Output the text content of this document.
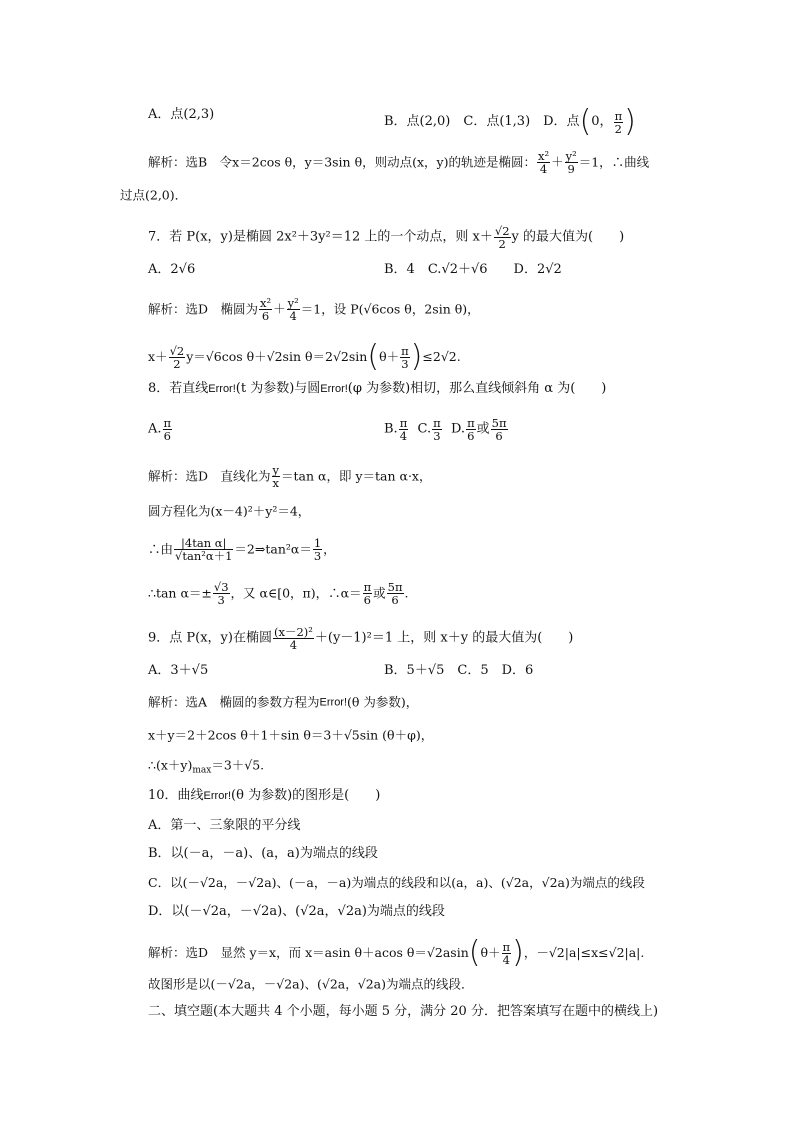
A．点(2,3)	B．点(2,0)　C．点(1,3)　D．点(0， $\frac{\pi}{2}$ )
解析：选B　令x＝2cos θ，y＝3sin θ，则动点(x，y)的轨迹是椭圆： $\frac{\text{x²}}{4} + \frac{\text{y²}}{9} =1$，∴曲线
过点(2,0)．
7．若 P(x，y)是椭圆 2x²＋3y²＝12 上的一个动点，则 $x+ \frac{√2}{2}$ y 的最大值为(　　)
A．2√6	B．4　C.√2＋√6　　D．2√2
解析：选D　椭圆为 $\frac{\text{x²}}{6} + \frac{\text{y²}}{4} =1$，设 P(√6cos θ，2sin θ)，
$x+ \frac{√2}{2} y=√6\cos$ θ＋√2sin $\theta=2√2\sin(\theta+ \frac{\pi}{3} )\le 2√2$.
8．若直线Error!(t 为参数)与圆Error!(φ 为参数)相切，那么直线倾斜角 α 为(　　)
A. $\frac{\pi}{6}$	B. $\frac{\pi}{4} C$. $\frac{\pi}{3} D$. $\frac{\pi}{6}$ 或 $\frac{5\pi}{6}$
解析：选D　直线化为 $\frac{y}{x} =\tan$ α，即 y＝tan α·x，
圆方程化为(x－4)²＋y²＝4，
∴由 $\frac{\text{|4tan α|}}{\text{√tan²α＋1}}$ ＝2⇒tan²α＝ $\frac{1}{3}$ ，
∴tan $\alpha=\pm \frac{√3}{3}$ ，又 α∈[0，π)，∴α＝ $\frac{\pi}{6}$ 或 $\frac{5\pi}{6}$ .
9．点 P(x，y)在椭圆 $\frac{\text{(x－2)²}}{4} +(y-1)^2=1$ 上，则 x＋y 的最大值为(　　)
A．3＋√5	B．5＋√5　C．5　D．6
解析：选A　椭圆的参数方程为Error!(θ 为参数)，
x＋y＝2＋2cos θ＋1＋sin θ＝3＋√5sin (θ＋φ)，
$\therefore(x+y)_{max}=3+√5$.
10．曲线Error!(θ 为参数)的图形是(　　)
A．第一、三象限的平分线
B．以(－a，－a)、(a，a)为端点的线段
C．以(－√2a，－√2a)、(－a，－a)为端点的线段和以(a，a)、(√2a，√2a)为端点的线段
D．以(－√2a，－√2a)、(√2a，√2a)为端点的线段
解析：选D　显然 y＝x，而 x＝asin θ＋acos $\theta=√2asin(\theta+ \frac{\pi}{4}$ )，－√2|a|≤x≤√2|a|.
故图形是以(－√2a，－√2a)、(√2a，√2a)为端点的线段．
二、填空题(本大题共 4 个小题，每小题 5 分，满分 20 分．把答案填写在题中的横线上)
